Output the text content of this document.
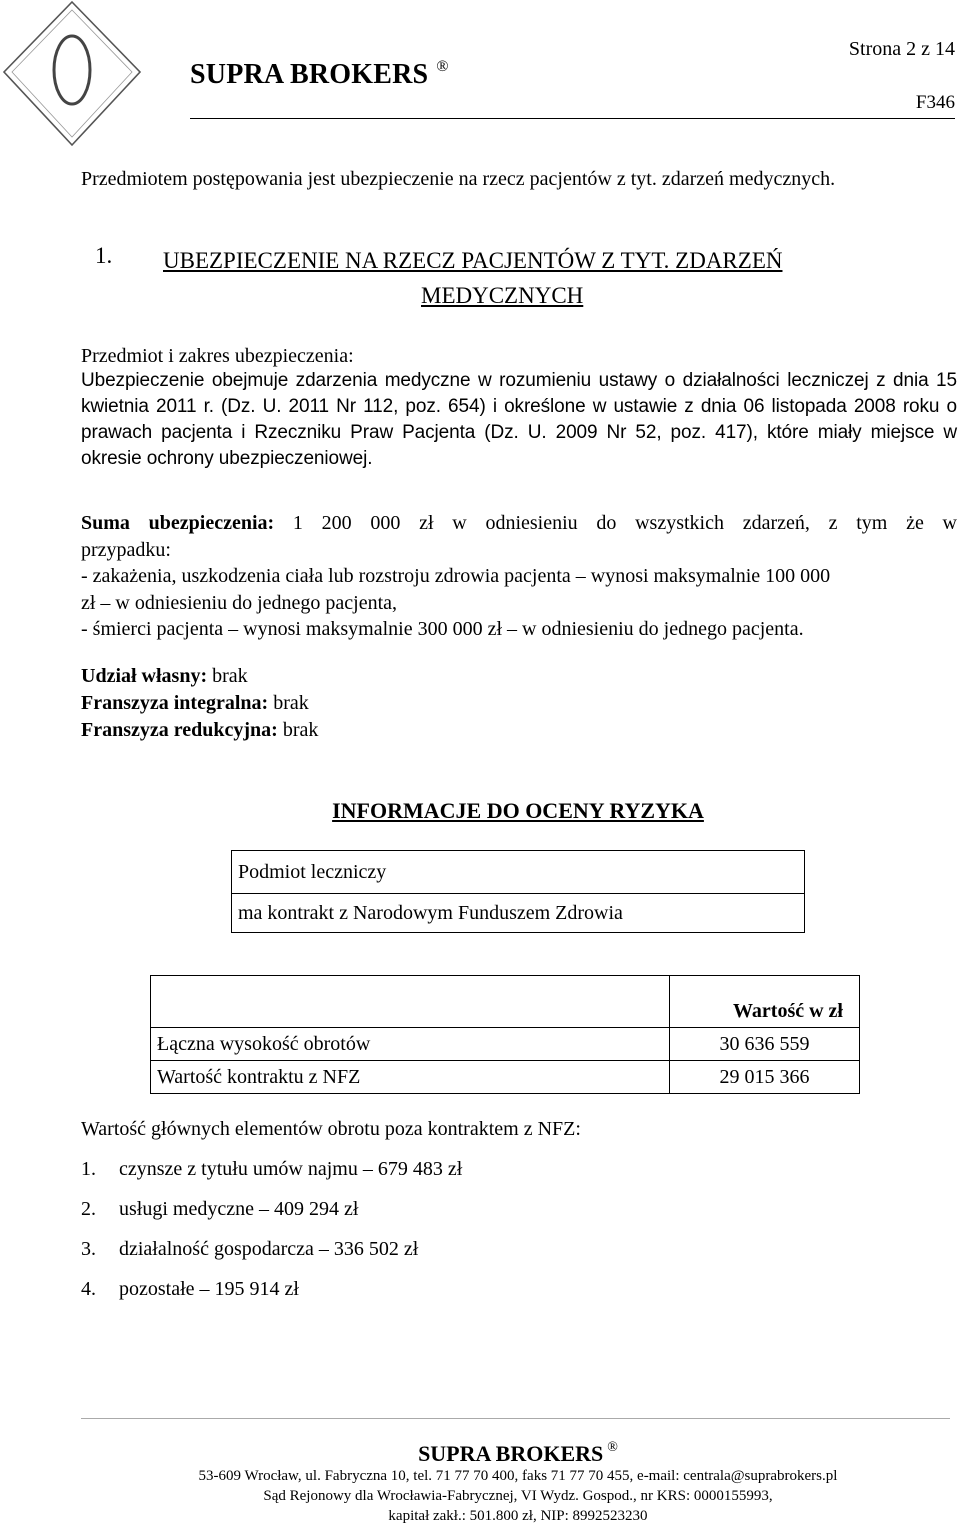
SUPRA BROKERS ®
Strona 2 z 14
F346
Przedmiotem postępowania jest ubezpieczenie na rzecz pacjentów z tyt. zdarzeń medycznych.
1. UBEZPIECZENIE NA RZECZ PACJENTÓW Z TYT. ZDARZEŃ
MEDYCZNYCH
Przedmiot i zakres ubezpieczenia:
Ubezpieczenie obejmuje zdarzenia medyczne w rozumieniu ustawy o działalności leczniczej z dnia 15 kwietnia 2011 r. (Dz. U. 2011 Nr 112, poz. 654) i określone w ustawie z dnia 06 listopada 2008 roku o prawach pacjenta i Rzeczniku Praw Pacjenta (Dz. U. 2009 Nr 52, poz. 417), które miały miejsce w okresie ochrony ubezpieczeniowej.
Suma ubezpieczenia: 1 200 000 zł w odniesieniu do wszystkich zdarzeń, z tym że w
przypadku:
- zakażenia, uszkodzenia ciała lub rozstroju zdrowia pacjenta – wynosi maksymalnie 100 000
zł – w odniesieniu do jednego pacjenta,
- śmierci pacjenta – wynosi maksymalnie 300 000 zł – w odniesieniu do jednego pacjenta.
Udział własny: brak
Franszyza integralna: brak
Franszyza redukcyjna: brak
INFORMACJE DO OCENY RYZYKA
Podmiot leczniczy
ma kontrakt z Narodowym Funduszem Zdrowia
	Wartość w zł
Łączna wysokość obrotów	30 636 559
Wartość kontraktu z NFZ	29 015 366
Wartość głównych elementów obrotu poza kontraktem z NFZ:
1. czynsze z tytułu umów najmu – 679 483 zł
2. usługi medyczne – 409 294 zł
3. działalność gospodarcza – 336 502 zł
4. pozostałe – 195 914 zł
SUPRA BROKERS ®
53-609 Wrocław, ul. Fabryczna 10, tel. 71 77 70 400, faks 71 77 70 455, e-mail: centrala@suprabrokers.pl
Sąd Rejonowy dla Wrocławia-Fabrycznej, VI Wydz. Gospod., nr KRS: 0000155993,
kapitał zakł.: 501.800 zł, NIP: 8992523230
